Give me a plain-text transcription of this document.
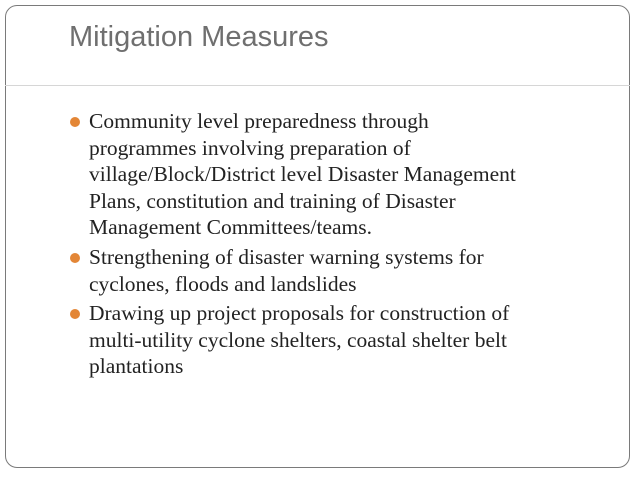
Mitigation Measures
Community level preparedness through
programmes involving preparation of
village/Block/District level Disaster Management
Plans, constitution and training of Disaster
Management Committees/teams.
Strengthening of disaster warning systems for
cyclones, floods and landslides
Drawing up project proposals for construction of
multi-utility cyclone shelters, coastal shelter belt
plantations
